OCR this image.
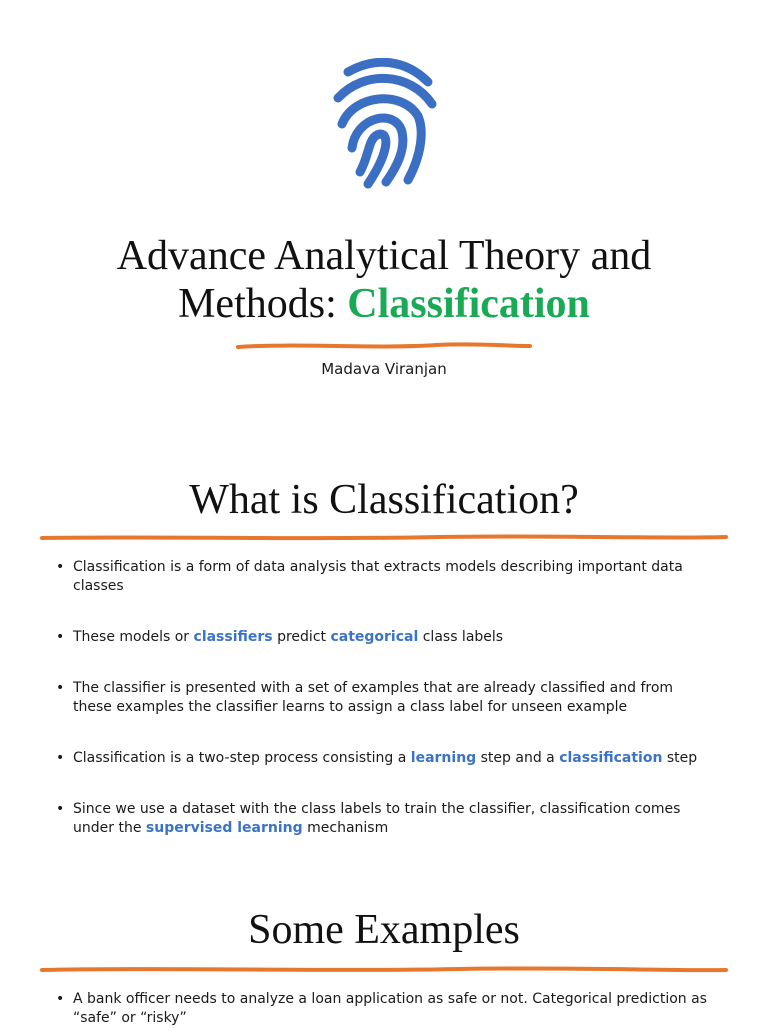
Advance Analytical Theory and
Methods: Classification
Madava Viranjan
What is Classification?
• Classification is a form of data analysis that extracts models describing important data classes
• These models or classifiers predict categorical class labels
• The classifier is presented with a set of examples that are already classified and from these examples the classifier learns to assign a class label for unseen example
• Classification is a two-step process consisting a learning step and a classification step
• Since we use a dataset with the class labels to train the classifier, classification comes under the supervised learning mechanism
Some Examples
• A bank officer needs to analyze a loan application as safe or not. Categorical prediction as “safe” or “risky”
